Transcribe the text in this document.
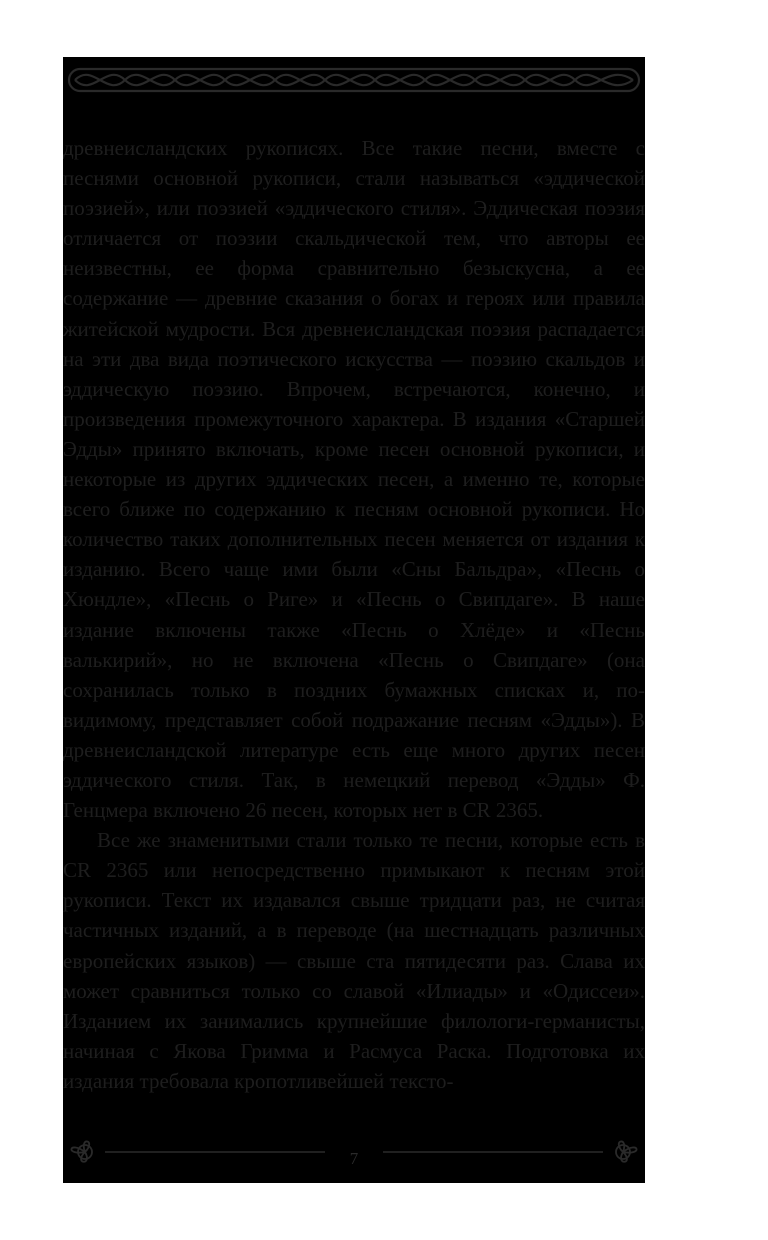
древнеисландских рукописях. Все такие песни, вместе с песнями основной рукописи, стали называться «эддической поэзией», или поэзией «эддического стиля». Эддическая поэзия отличается от поэзии скальдической тем, что авторы ее неизвестны, ее форма сравнительно безыскусна, а ее содержание — древние сказания о богах и героях или правила житейской мудрости. Вся древнеисландская поэзия распадается на эти два вида поэтического искусства — поэзию скальдов и эддическую поэзию. Впрочем, встречаются, конечно, и произведения промежуточного характера. В издания «Старшей Эдды» принято включать, кроме песен основной рукописи, и некоторые из других эддических песен, а именно те, которые всего ближе по содержанию к песням основной рукописи. Но количество таких дополнительных песен меняется от издания к изданию. Всего чаще ими были «Сны Бальдра», «Песнь о Хюндле», «Песнь о Риге» и «Песнь о Свипдаге». В наше издание включены также «Песнь о Хлёде» и «Песнь валькирий», но не включена «Песнь о Свипдаге» (она сохранилась только в поздних бумажных списках и, по-видимому, представляет собой подражание песням «Эдды»). В древнеисландской литературе есть еще много других песен эддического стиля. Так, в немецкий перевод «Эдды» Ф. Генцмера включено 26 песен, которых нет в CR 2365.

Все же знаменитыми стали только те песни, которые есть в CR 2365 или непосредственно примыкают к песням этой рукописи. Текст их издавался свыше тридцати раз, не считая частичных изданий, а в переводе (на шестнадцать различных европейских языков) — свыше ста пятидесяти раз. Слава их может сравниться только со славой «Илиады» и «Одиссеи». Изданием их занимались крупнейшие филологи-германисты, начиная с Якова Гримма и Расмуса Раска. Подготовка их издания требовала кропотливейшей тексто-

7
